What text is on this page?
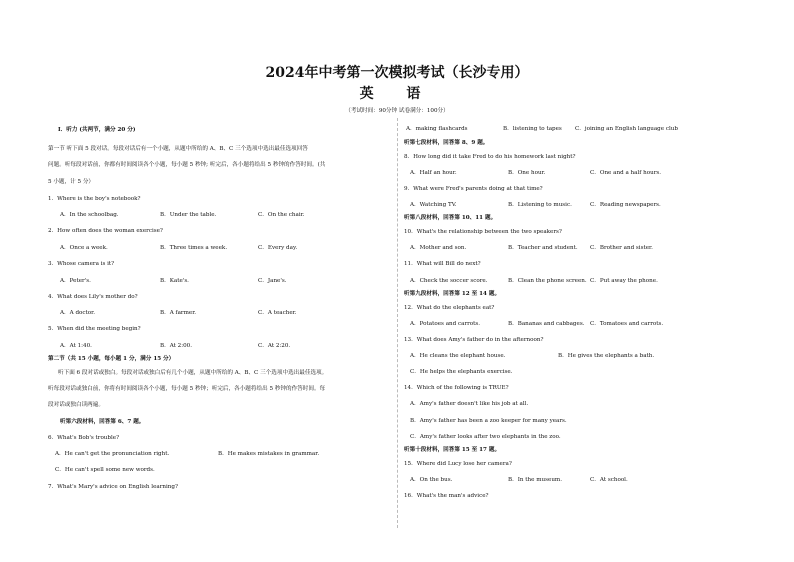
2024年中考第一次模拟考试（长沙专用）
英 语
（考试时间：90分钟 试卷满分：100分）
I．听力 (共两节，满分 20 分)
第一节 听下面 5 段对话。每段对话后有一个小题，从题中所给的 A、B、C 三个选项中选出最佳选项回答
问题。听每段对话前，你都有时间阅读各个小题，每小题 5 秒钟; 听完后，各小题将给出 5 秒钟的作答时间。(共
5 小题，计 5 分）
1．Where is the boy's notebook?
A．In the schoolbag.	B．Under the table.	C．On the chair.
2．How often does the woman exercise?
A．Once a week.	B．Three times a week.	C．Every day.
3．Whose camera is it?
A．Peter's.	B．Kate's.	C．Jane's.
4．What does Lily's mother do?
A．A doctor.	B．A farmer.	C．A teacher.
5．When did the meeting begin?
A．At 1:40.	B．At 2:00.	C．At 2:20.
第二节（共 15 小题，每小题 1 分，满分 15 分）
听下面 6 段对话或独白。每段对话或独白后有几个小题，从题中所给的 A、B、C 三个选项中选出最佳选项。
听每段对话或独白前，你将有时间阅读各个小题，每小题 5 秒钟；听完后，各小题将给出 5 秒钟的作答时间。每
段对话或独白读两遍。
听第六段材料，回答第 6、7 题。
6．What's Bob's trouble?
A．He can't get the pronunciation right.	B．He makes mistakes in grammar.
C．He can't spell some new words.
7．What's Mary's advice on English learning?
A．making flashcards	B．listening to tapes C．joining an English language club
听第七段材料，回答第 8、9 题。
8．How long did it take Fred to do his homework last night?
A．Half an hour.	B．One hour.	C．One and a half hours.
9．What were Fred's parents doing at that time?
A．Watching TV.	B．Listening to music.	C．Reading newspapers.
听第八段材料，回答第 10、11 题。
10．What's the relationship between the two speakers?
A．Mother and son.	B．Teacher and student. C．Brother and sister.
11．What will Bill do next?
A．Check the soccer score.	B．Clean the phone screen. C．Put away the phone.
听第九段材料，回答第 12 至 14 题。
12．What do the elephants eat?
A．Potatoes and carrots.	B．Bananas and cabbages. C．Tomatoes and carrots.
13．What does Amy's father do in the afternoon?
A．He cleans the elephant house.	B．He gives the elephants a bath.
C．He helps the elephants exercise.
14．Which of the following is TRUE?
A．Amy's father doesn't like his job at all.
B．Amy's father has been a zoo keeper for many years.
C．Amy's father looks after two elephants in the zoo.
听第十段材料，回答第 15 至 17 题。
15．Where did Lucy lose her camera?
A．On the bus.	B．In the museum.	C．At school.
16．What's the man's advice?
